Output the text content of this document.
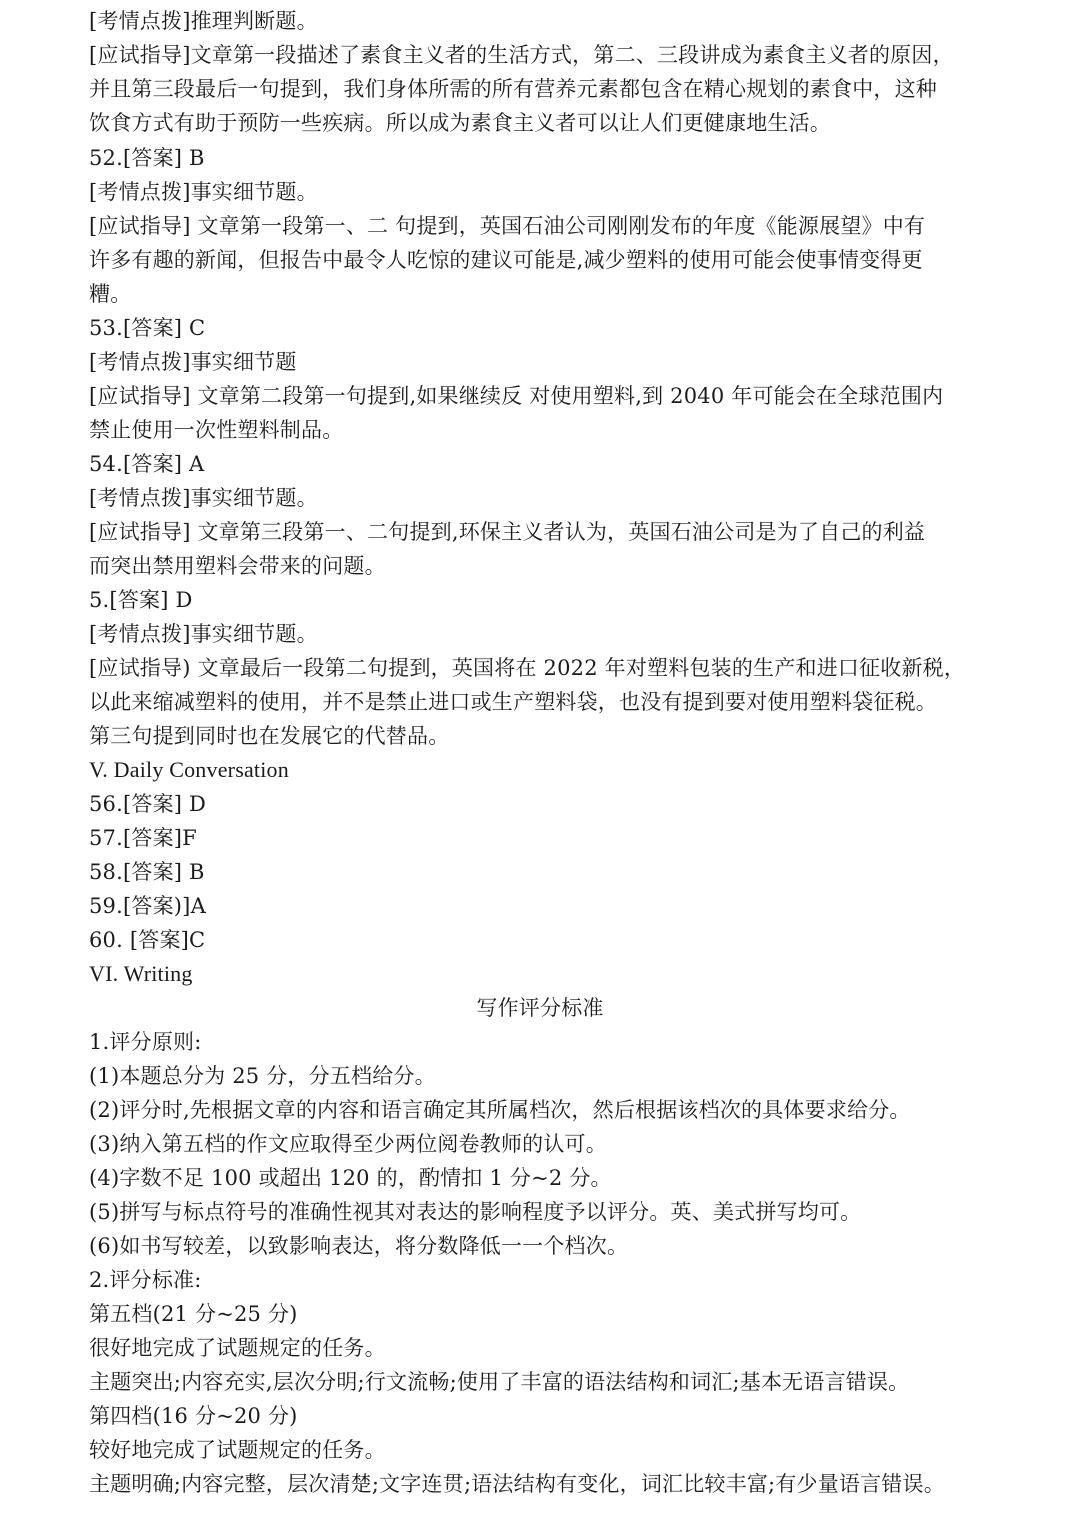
[考情点拨]推理判断题。
[应试指导]文章第一段描述了素食主义者的生活方式，第二、三段讲成为素食主义者的原因，
并且第三段最后一句提到，我们身体所需的所有营养元素都包含在精心规划的素食中，这种
饮食方式有助于预防一些疾病。所以成为素食主义者可以让人们更健康地生活。
52.[答案] B
[考情点拨]事实细节题。
[应试指导] 文章第一段第一、二 句提到，英国石油公司刚刚发布的年度《能源展望》中有
许多有趣的新闻，但报告中最令人吃惊的建议可能是,减少塑料的使用可能会使事情变得更
糟。
53.[答案] C
[考情点拨]事实细节题
[应试指导] 文章第二段第一句提到,如果继续反 对使用塑料,到 2040 年可能会在全球范围内
禁止使用一次性塑料制品。
54.[答案] A
[考情点拨]事实细节题。
[应试指导] 文章第三段第一、二句提到,环保主义者认为，英国石油公司是为了自己的利益
而突出禁用塑料会带来的问题。
5.[答案] D
[考情点拨]事实细节题。
[应试指导) 文章最后一段第二句提到，英国将在 2022 年对塑料包装的生产和进口征收新税，
以此来缩减塑料的使用，并不是禁止进口或生产塑料袋，也没有提到要对使用塑料袋征税。
第三句提到同时也在发展它的代替品。
V. Daily Conversation
56.[答案] D
57.[答案]F
58.[答案] B
59.[答案)]A
60. [答案]C
VI. Writing
写作评分标准
1.评分原则:
(1)本题总分为 25 分，分五档给分。
(2)评分时,先根据文章的内容和语言确定其所属档次，然后根据该档次的具体要求给分。
(3)纳入第五档的作文应取得至少两位阅卷教师的认可。
(4)字数不足 100 或超出 120 的，酌情扣 1 分~2 分。
(5)拼写与标点符号的准确性视其对表达的影响程度予以评分。英、美式拼写均可。
(6)如书写较差，以致影响表达，将分数降低一一个档次。
2.评分标准:
第五档(21 分~25 分)
很好地完成了试题规定的任务。
主题突出;内容充实,层次分明;行文流畅;使用了丰富的语法结构和词汇;基本无语言错误。
第四档(16 分~20 分)
较好地完成了试题规定的任务。
主题明确;内容完整，层次清楚;文字连贯;语法结构有变化，词汇比较丰富;有少量语言错误。
